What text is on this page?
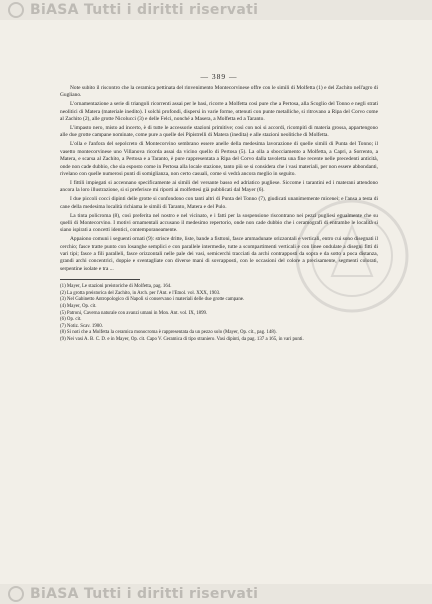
BiASA Tutti i diritti riservati
— 389 —

Note subito il riscontro che la ceramica pettinata del rinvenimento Montecorvinese offre con le simili di Molfetta (1) e del Zachito nell'agro di Gugliano.

L'ornamentazione a serie di triangoli ricorrenti assai per le basi, ricorre a Molfetta così pure che a Pertosa, alla Scoglio del Tonno e negli strati neolitici di Matera (materiale inedito). I solchi profondi, dispersi in varie forme, ottenuti con punte metalliche, si ritrovano a Ripa del Corvo come al Zachito (2), alle grotte Nicolucci (3) e delle Felci, nonché a Masera, a Molfetta ed a Taranto.

L'impasto nero, misto ad incerto, è di tutte le accessorie stazioni primitive; così con noi si accordi, ricompitì di materia grossa, appartengono alle due grotte campane nominate, come pure a quelle dei Pipistrelli di Matera (inedita) e alle stazioni neolitiche di Molfetta.

L'olla e l'anfora del sepolcreto di Montecorvino sembrano essere anelle della medesima lavorazione di quelle simili di Punta del Tonno; il vasetto montecorvinese uno Villanova ricorda assai da vicino quello di Pertosa (5). La olla a sbocciamento a Molfetta, a Capri, a Sorrento, a Matera, e scarsa al Zachito, a Pertosa e a Taranto, è pure rappresentata a Ripa del Corvo dalla tavoletta una fine recente nelle precedenti anticità, onde non cade dubbio, che sia esposto come in Pertosa alla locale stazione, tanto più se si considera che i vasi materiali, per non essere abbondanti, rivelano con quelle numerosi punti di somiglianza, non certo casuali, come si vedrà ancora meglio in seguito.

I fittili impiegati si accennano specificamente ai simili del versante basso ed adriatico pugliese. Siccome i tarantini ed i materani attendono ancora la loro illustrazione, si si preferisce mi riporti ai molfettesi già pubblicati dal Mayer (6).

I due piccoli cocci dipinti delle grotte si confondono con tanti altri di Punta del Tonno (7), giudicati unanimemente micenei; e l'ansa a testa di cane della medesima località richiama le simili di Taranto, Matera e del Pulo.

La tinta policroma (8), così preferita nel nostro e nel vicinato, e i fatti per la sospensione riscontrano nei pezzi pugliesi egualmente che su quelli di Montecorvino. I motivi ornamentali accusano il medesimo repertorio, onde non cade dubbio che i ceramografi di entrambe le località si siano ispirati a concetti identici, contemporaneamente.

Appaiono comuni i seguenti ornati (9): strisce dritte, liste, bande a fisttoni, fasce ammadunate orizzontali e verticali, entro cui sono disegnati il cerchio; fasce tratte punto con losanghe semplici e con parallele intermedie, tutte a scompartimenti verticali e con linee ondulate a disegni fitti di vari tipi; fasce a fili paralleli, fasce orizzontali nelle pale dei vasi, semicerchi tracciati da archi contrapposti da sopra e da sotto a poca distanza, grandi archi concentrici, doppie e sventagliate con diverse mani di sovrapposti, con le occasioni del colore a precisamente, segmenti colorati, serpentine isolate e tra ...

(1) Mayer, Le stazioni preistoriche di Molfetta, pag. 164.

(2) La grotta preistorica del Zachito, in Arch. per l'Ant. e l'Etnol. vol. XXX, 1903.

(3) Nel Gabinetto Antropologico di Napoli si conservano i materiali delle due grotte campane.

(4) Mayer, Op. cit.

(5) Patroni, Caverna naturale con avanzi umani in Mon. Ant. vol. IX, 1899.

(6) Op. cit.

(7) Notiz. Scav. 1900.

(8) Si noti che a Molfetta la ceramica monocroma è rappresentata da un pezzo solo (Mayer, Op. cit., pag. 148).

(9) Nei vasi A. B. C. D. e in Mayer, Op. cit. Capo V. Ceramica di tipo straniero. Vasi dipinti, da pag. 137 a 165, in vari punti.

BiASA Tutti i diritti riservati
